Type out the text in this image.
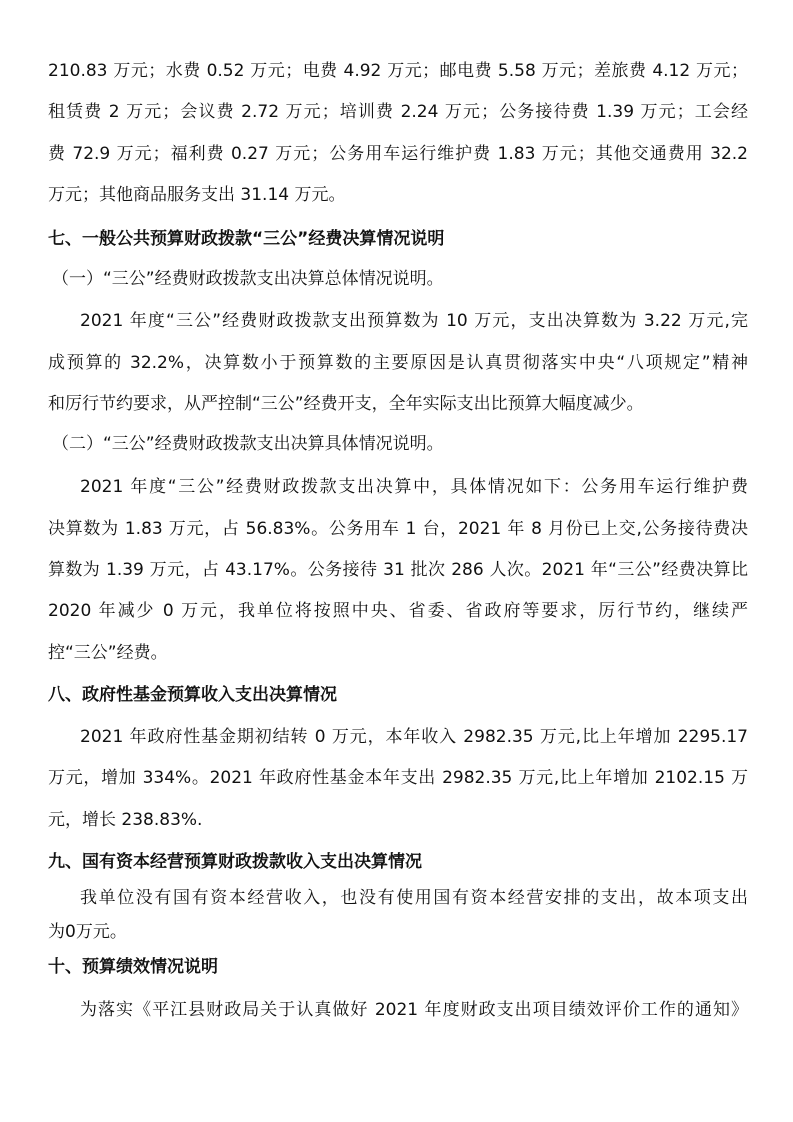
210.83 万元；水费 0.52 万元；电费 4.92 万元；邮电费 5.58 万元；差旅费 4.12 万元；
租赁费 2 万元；会议费 2.72 万元；培训费 2.24 万元；公务接待费 1.39 万元；工会经
费 72.9 万元；福利费 0.27 万元；公务用车运行维护费 1.83 万元；其他交通费用 32.2
万元；其他商品服务支出 31.14 万元。
七、一般公共预算财政拨款“三公”经费决算情况说明
（一）“三公”经费财政拨款支出决算总体情况说明。
2021 年度“三公”经费财政拨款支出预算数为 10 万元，支出决算数为 3.22 万元,完
成预算的 32.2%，决算数小于预算数的主要原因是认真贯彻落实中央“八项规定”精神
和厉行节约要求，从严控制“三公”经费开支，全年实际支出比预算大幅度减少。
（二）“三公”经费财政拨款支出决算具体情况说明。
2021 年度“三公”经费财政拨款支出决算中，具体情况如下：公务用车运行维护费
决算数为 1.83 万元，占 56.83%。公务用车 1 台，2021 年 8 月份已上交,公务接待费决
算数为 1.39 万元，占 43.17%。公务接待 31 批次 286 人次。2021 年“三公”经费决算比
2020 年减少 0 万元，我单位将按照中央、省委、省政府等要求，厉行节约，继续严
控“三公”经费。
八、政府性基金预算收入支出决算情况
2021 年政府性基金期初结转 0 万元，本年收入 2982.35 万元,比上年增加 2295.17
万元，增加 334%。2021 年政府性基金本年支出 2982.35 万元,比上年增加 2102.15 万
元，增长 238.83%.
九、国有资本经营预算财政拨款收入支出决算情况
我单位没有国有资本经营收入，也没有使用国有资本经营安排的支出，故本项支出
为0万元。
十、预算绩效情况说明
为落实《平江县财政局关于认真做好 2021 年度财政支出项目绩效评价工作的通知》
